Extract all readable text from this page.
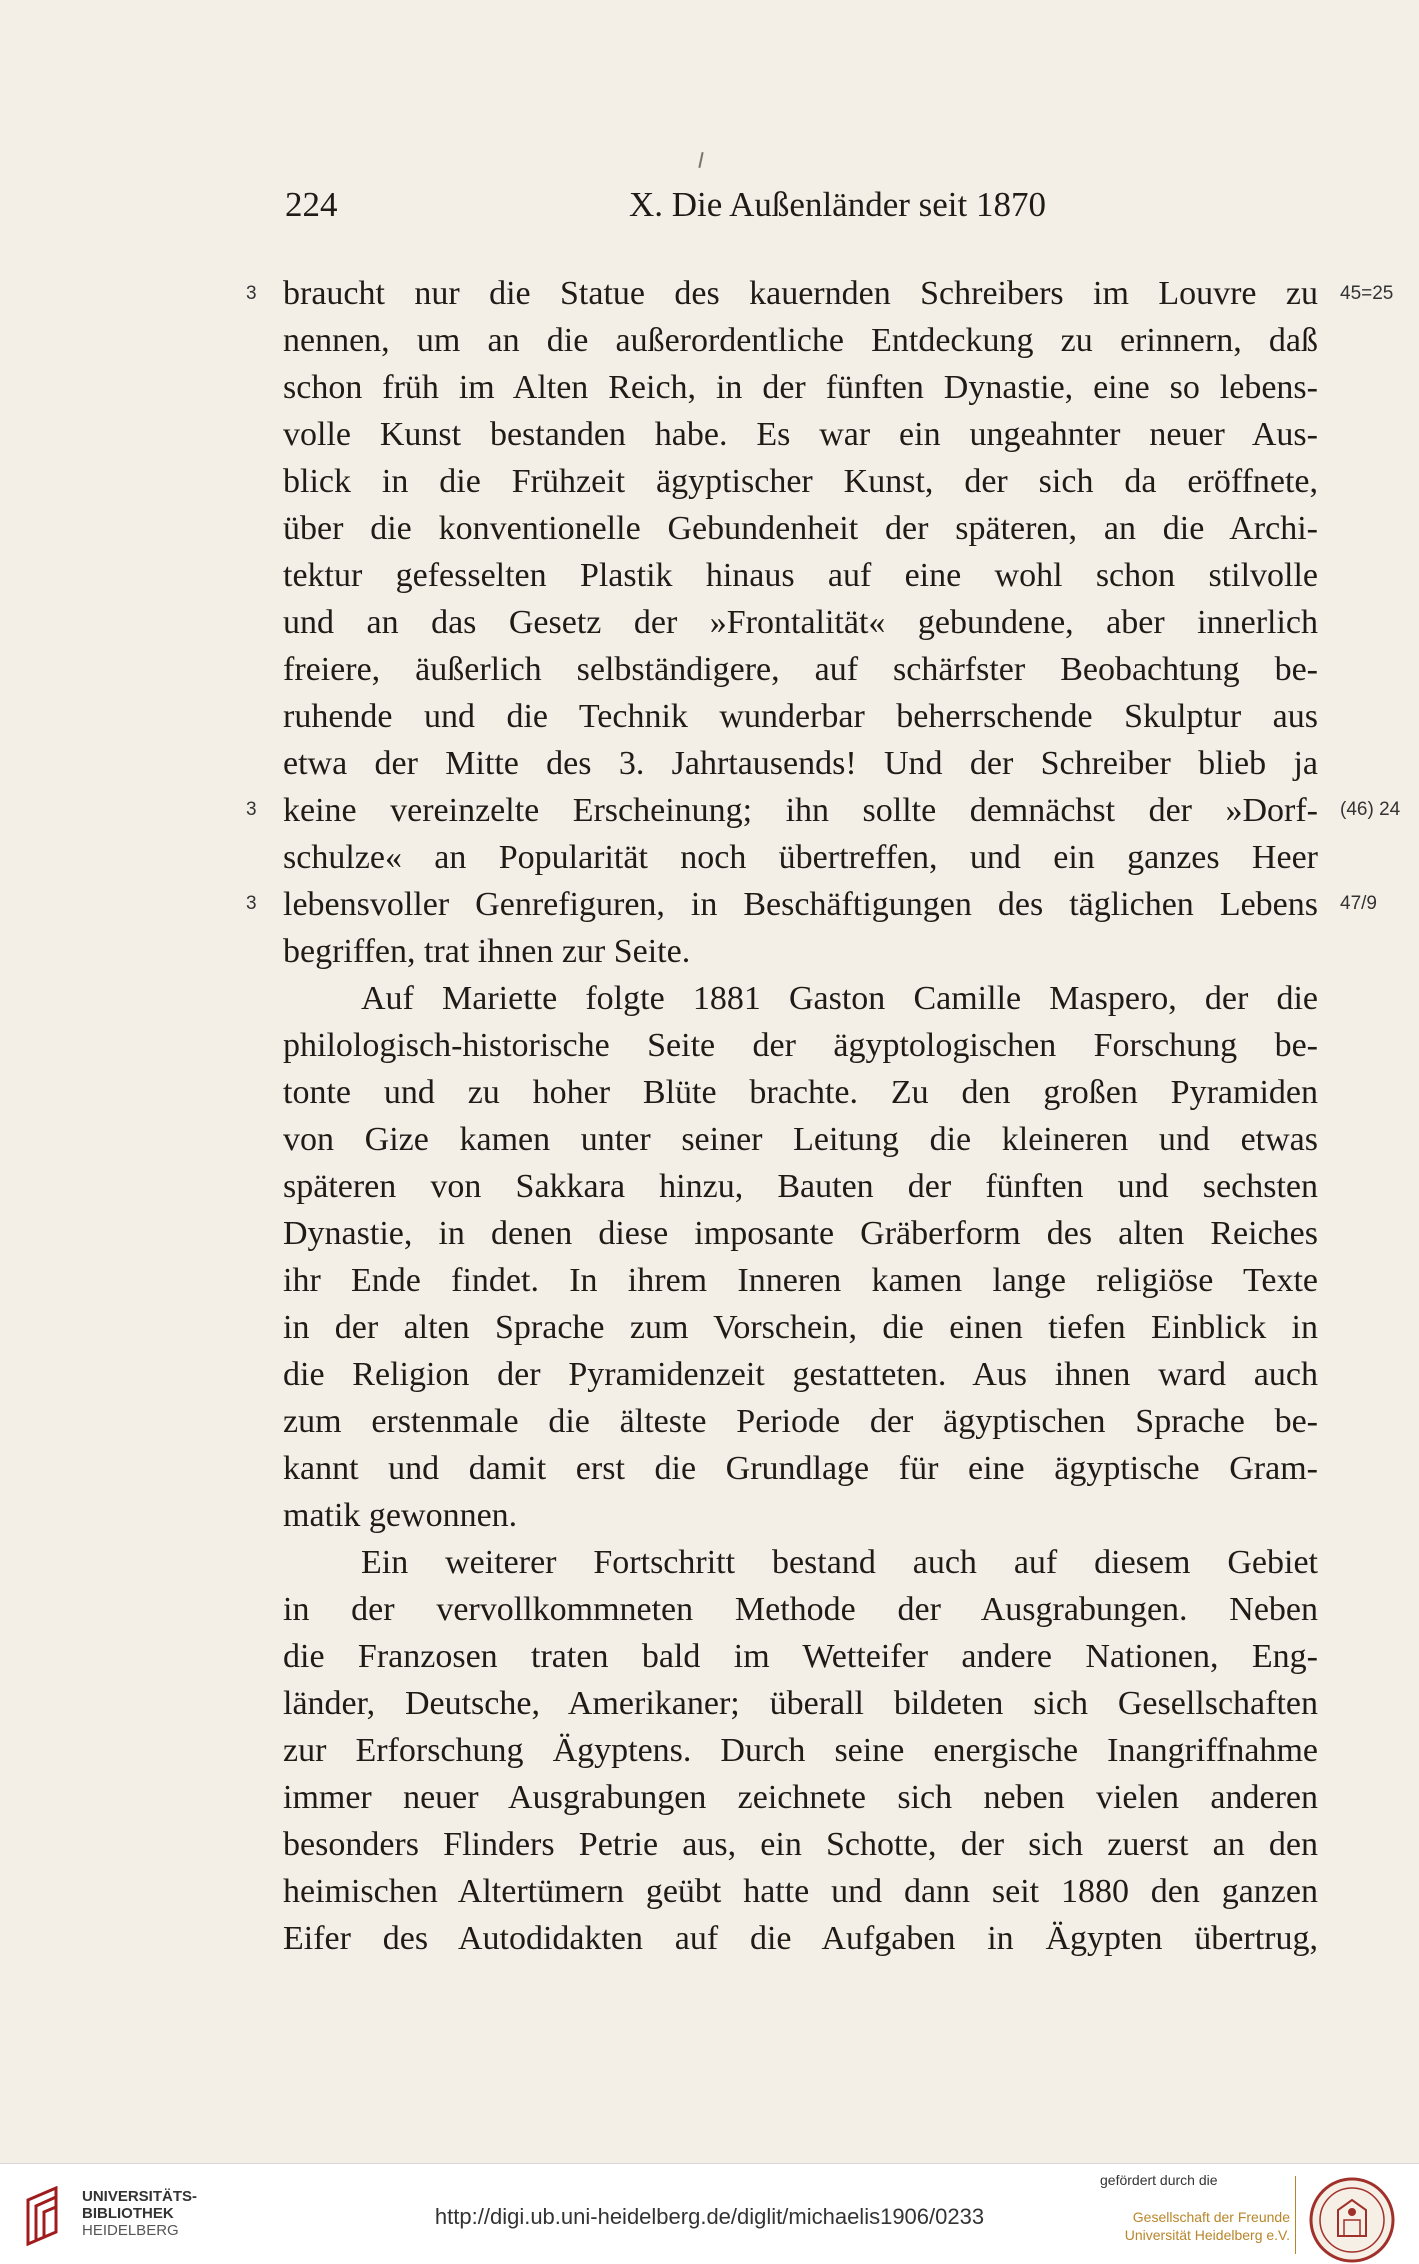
224	X. Die Außenländer seit 1870
3
3
3
45=25
(46) 24
47/9
braucht nur die Statue des kauernden Schreibers im Louvre zu
nennen, um an die außerordentliche Entdeckung zu erinnern, daß
schon früh im Alten Reich, in der fünften Dynastie, eine so lebens-
volle Kunst bestanden habe. Es war ein ungeahnter neuer Aus-
blick in die Frühzeit ägyptischer Kunst, der sich da eröffnete,
über die konventionelle Gebundenheit der späteren, an die Archi-
tektur gefesselten Plastik hinaus auf eine wohl schon stilvolle
und an das Gesetz der »Frontalität« gebundene, aber innerlich
freiere, äußerlich selbständigere, auf schärfster Beobachtung be-
ruhende und die Technik wunderbar beherrschende Skulptur aus
etwa der Mitte des 3. Jahrtausends! Und der Schreiber blieb ja
keine vereinzelte Erscheinung; ihn sollte demnächst der »Dorf-
schulze« an Popularität noch übertreffen, und ein ganzes Heer
lebensvoller Genrefiguren, in Beschäftigungen des täglichen Lebens
begriffen, trat ihnen zur Seite.
Auf Mariette folgte 1881 Gaston Camille Maspero, der die
philologisch-historische Seite der ägyptologischen Forschung be-
tonte und zu hoher Blüte brachte. Zu den großen Pyramiden
von Gize kamen unter seiner Leitung die kleineren und etwas
späteren von Sakkara hinzu, Bauten der fünften und sechsten
Dynastie, in denen diese imposante Gräberform des alten Reiches
ihr Ende findet. In ihrem Inneren kamen lange religiöse Texte
in der alten Sprache zum Vorschein, die einen tiefen Einblick in
die Religion der Pyramidenzeit gestatteten. Aus ihnen ward auch
zum erstenmale die älteste Periode der ägyptischen Sprache be-
kannt und damit erst die Grundlage für eine ägyptische Gram-
matik gewonnen.
Ein weiterer Fortschritt bestand auch auf diesem Gebiet
in der vervollkommneten Methode der Ausgrabungen. Neben
die Franzosen traten bald im Wetteifer andere Nationen, Eng-
länder, Deutsche, Amerikaner; überall bildeten sich Gesellschaften
zur Erforschung Ägyptens. Durch seine energische Inangriffnahme
immer neuer Ausgrabungen zeichnete sich neben vielen anderen
besonders Flinders Petrie aus, ein Schotte, der sich zuerst an den
heimischen Altertümern geübt hatte und dann seit 1880 den ganzen
Eifer des Autodidakten auf die Aufgaben in Ägypten übertrug,
UNIVERSITÄTS-
BIBLIOTHEK
HEIDELBERG
http://digi.ub.uni-heidelberg.de/diglit/michaelis1906/0233
gefördert durch die
Gesellschaft der Freunde
Universität Heidelberg e.V.
